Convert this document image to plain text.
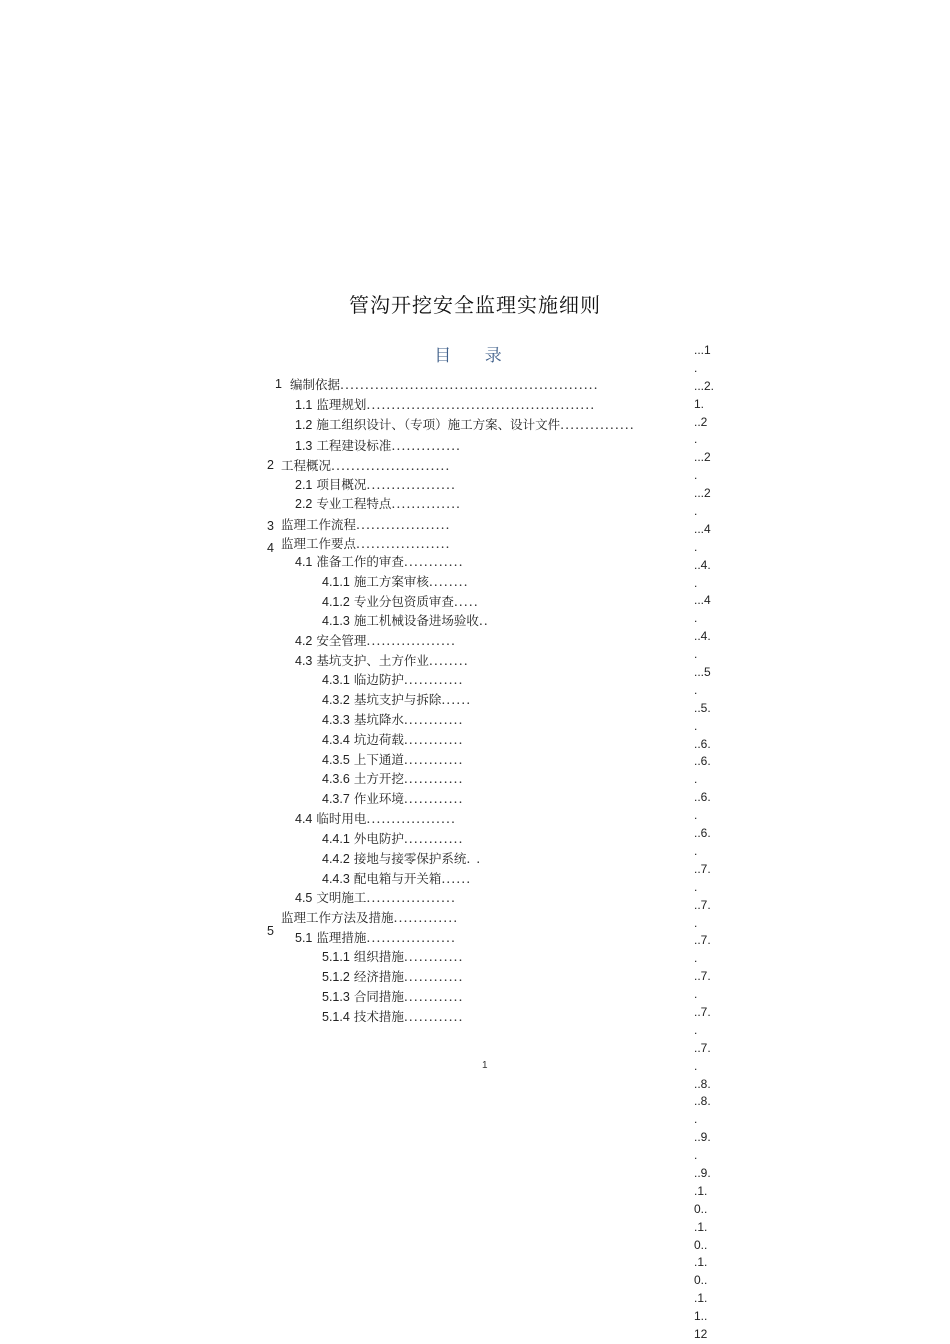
管沟开挖安全监理实施细则
目 录
1
2
3
4
5
编制依据....................................................
1.1 监理规划..............................................
1.2 施工组织设计、（专项）施工方案、设计文件...............
1.3 工程建设标准..............
工程概况........................
2.1 项目概况..................
2.2 专业工程特点..............
监理工作流程...................
监理工作要点...................
4.1 准备工作的审查............
4.1.1 施工方案审核........
4.1.2 专业分包资质审查.....
4.1.3 施工机械设备进场验收..
4.2 安全管理..................
4.3 基坑支护、土方作业........
4.3.1 临边防护............
4.3.2 基坑支护与拆除......
4.3.3 基坑降水............
4.3.4 坑边荷载............
4.3.5 上下通道............
4.3.6 土方开挖............
4.3.7 作业环境............
4.4 临时用电..................
4.4.1 外电防护............
4.4.2 接地与接零保护系统. .
4.4.3 配电箱与开关箱......
4.5 文明施工..................
监理工作方法及措施.............
5.1 监理措施..................
5.1.1 组织措施............
5.1.2 经济措施............
5.1.3 合同措施............
5.1.4 技术措施............
...1
.
...2.
1.
..2
.
...2
.
...2
.
...4
.
..4.
.
...4
.
..4.
.
...5
.
..5.
.
..6.
..6.
.
..6.
.
..6.
.
..7.
.
..7.
.
..7.
.
..7.
.
..7.
.
..7.
.
..8.
..8.
.
..9.
.
..9.
.1.
0..
.1.
0..
.1.
0..
.1.
1..
12
1
